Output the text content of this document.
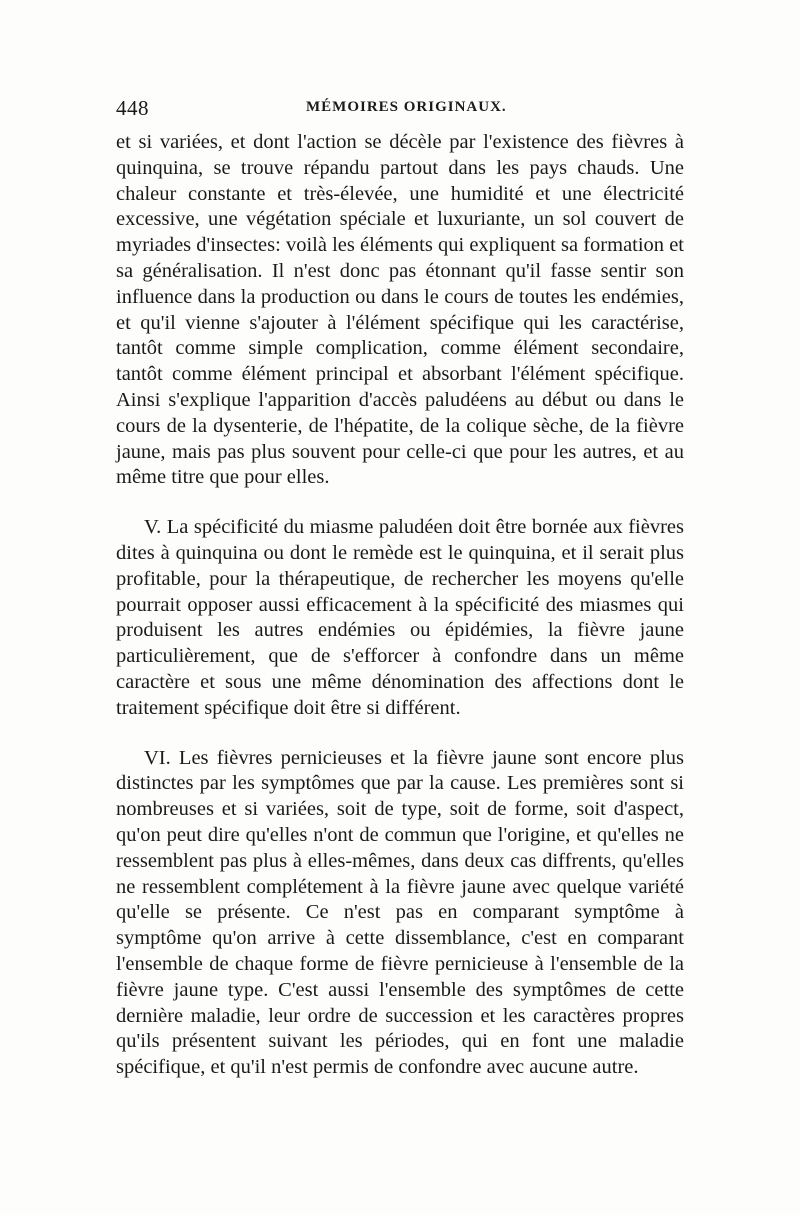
448	MÉMOIRES ORIGINAUX.

et si variées, et dont l'action se décèle par l'existence des fièvres à quinquina, se trouve répandu partout dans les pays chauds. Une chaleur constante et très-élevée, une humidité et une électricité excessive, une végétation spéciale et luxuriante, un sol couvert de myriades d'insectes: voilà les éléments qui expliquent sa formation et sa généralisation. Il n'est donc pas étonnant qu'il fasse sentir son influence dans la production ou dans le cours de toutes les endémies, et qu'il vienne s'ajouter à l'élément spécifique qui les caractérise, tantôt comme simple complication, comme élément secondaire, tantôt comme élément principal et absorbant l'élément spécifique. Ainsi s'explique l'apparition d'accès paludéens au début ou dans le cours de la dysenterie, de l'hépatite, de la colique sèche, de la fièvre jaune, mais pas plus souvent pour celle-ci que pour les autres, et au même titre que pour elles.

V. La spécificité du miasme paludéen doit être bornée aux fièvres dites à quinquina ou dont le remède est le quinquina, et il serait plus profitable, pour la thérapeutique, de rechercher les moyens qu'elle pourrait opposer aussi efficacement à la spécificité des miasmes qui produisent les autres endémies ou épidémies, la fièvre jaune particulièrement, que de s'efforcer à confondre dans un même caractère et sous une même dénomination des affections dont le traitement spécifique doit être si différent.

VI. Les fièvres pernicieuses et la fièvre jaune sont encore plus distinctes par les symptômes que par la cause. Les premières sont si nombreuses et si variées, soit de type, soit de forme, soit d'aspect, qu'on peut dire qu'elles n'ont de commun que l'origine, et qu'elles ne ressemblent pas plus à elles-mêmes, dans deux cas diffrents, qu'elles ne ressemblent complétement à la fièvre jaune avec quelque variété qu'elle se présente. Ce n'est pas en comparant symptôme à symptôme qu'on arrive à cette dissemblance, c'est en comparant l'ensemble de chaque forme de fièvre pernicieuse à l'ensemble de la fièvre jaune type. C'est aussi l'ensemble des symptômes de cette dernière maladie, leur ordre de succession et les caractères propres qu'ils présentent suivant les périodes, qui en font une maladie spécifique, et qu'il n'est permis de confondre avec aucune autre.
